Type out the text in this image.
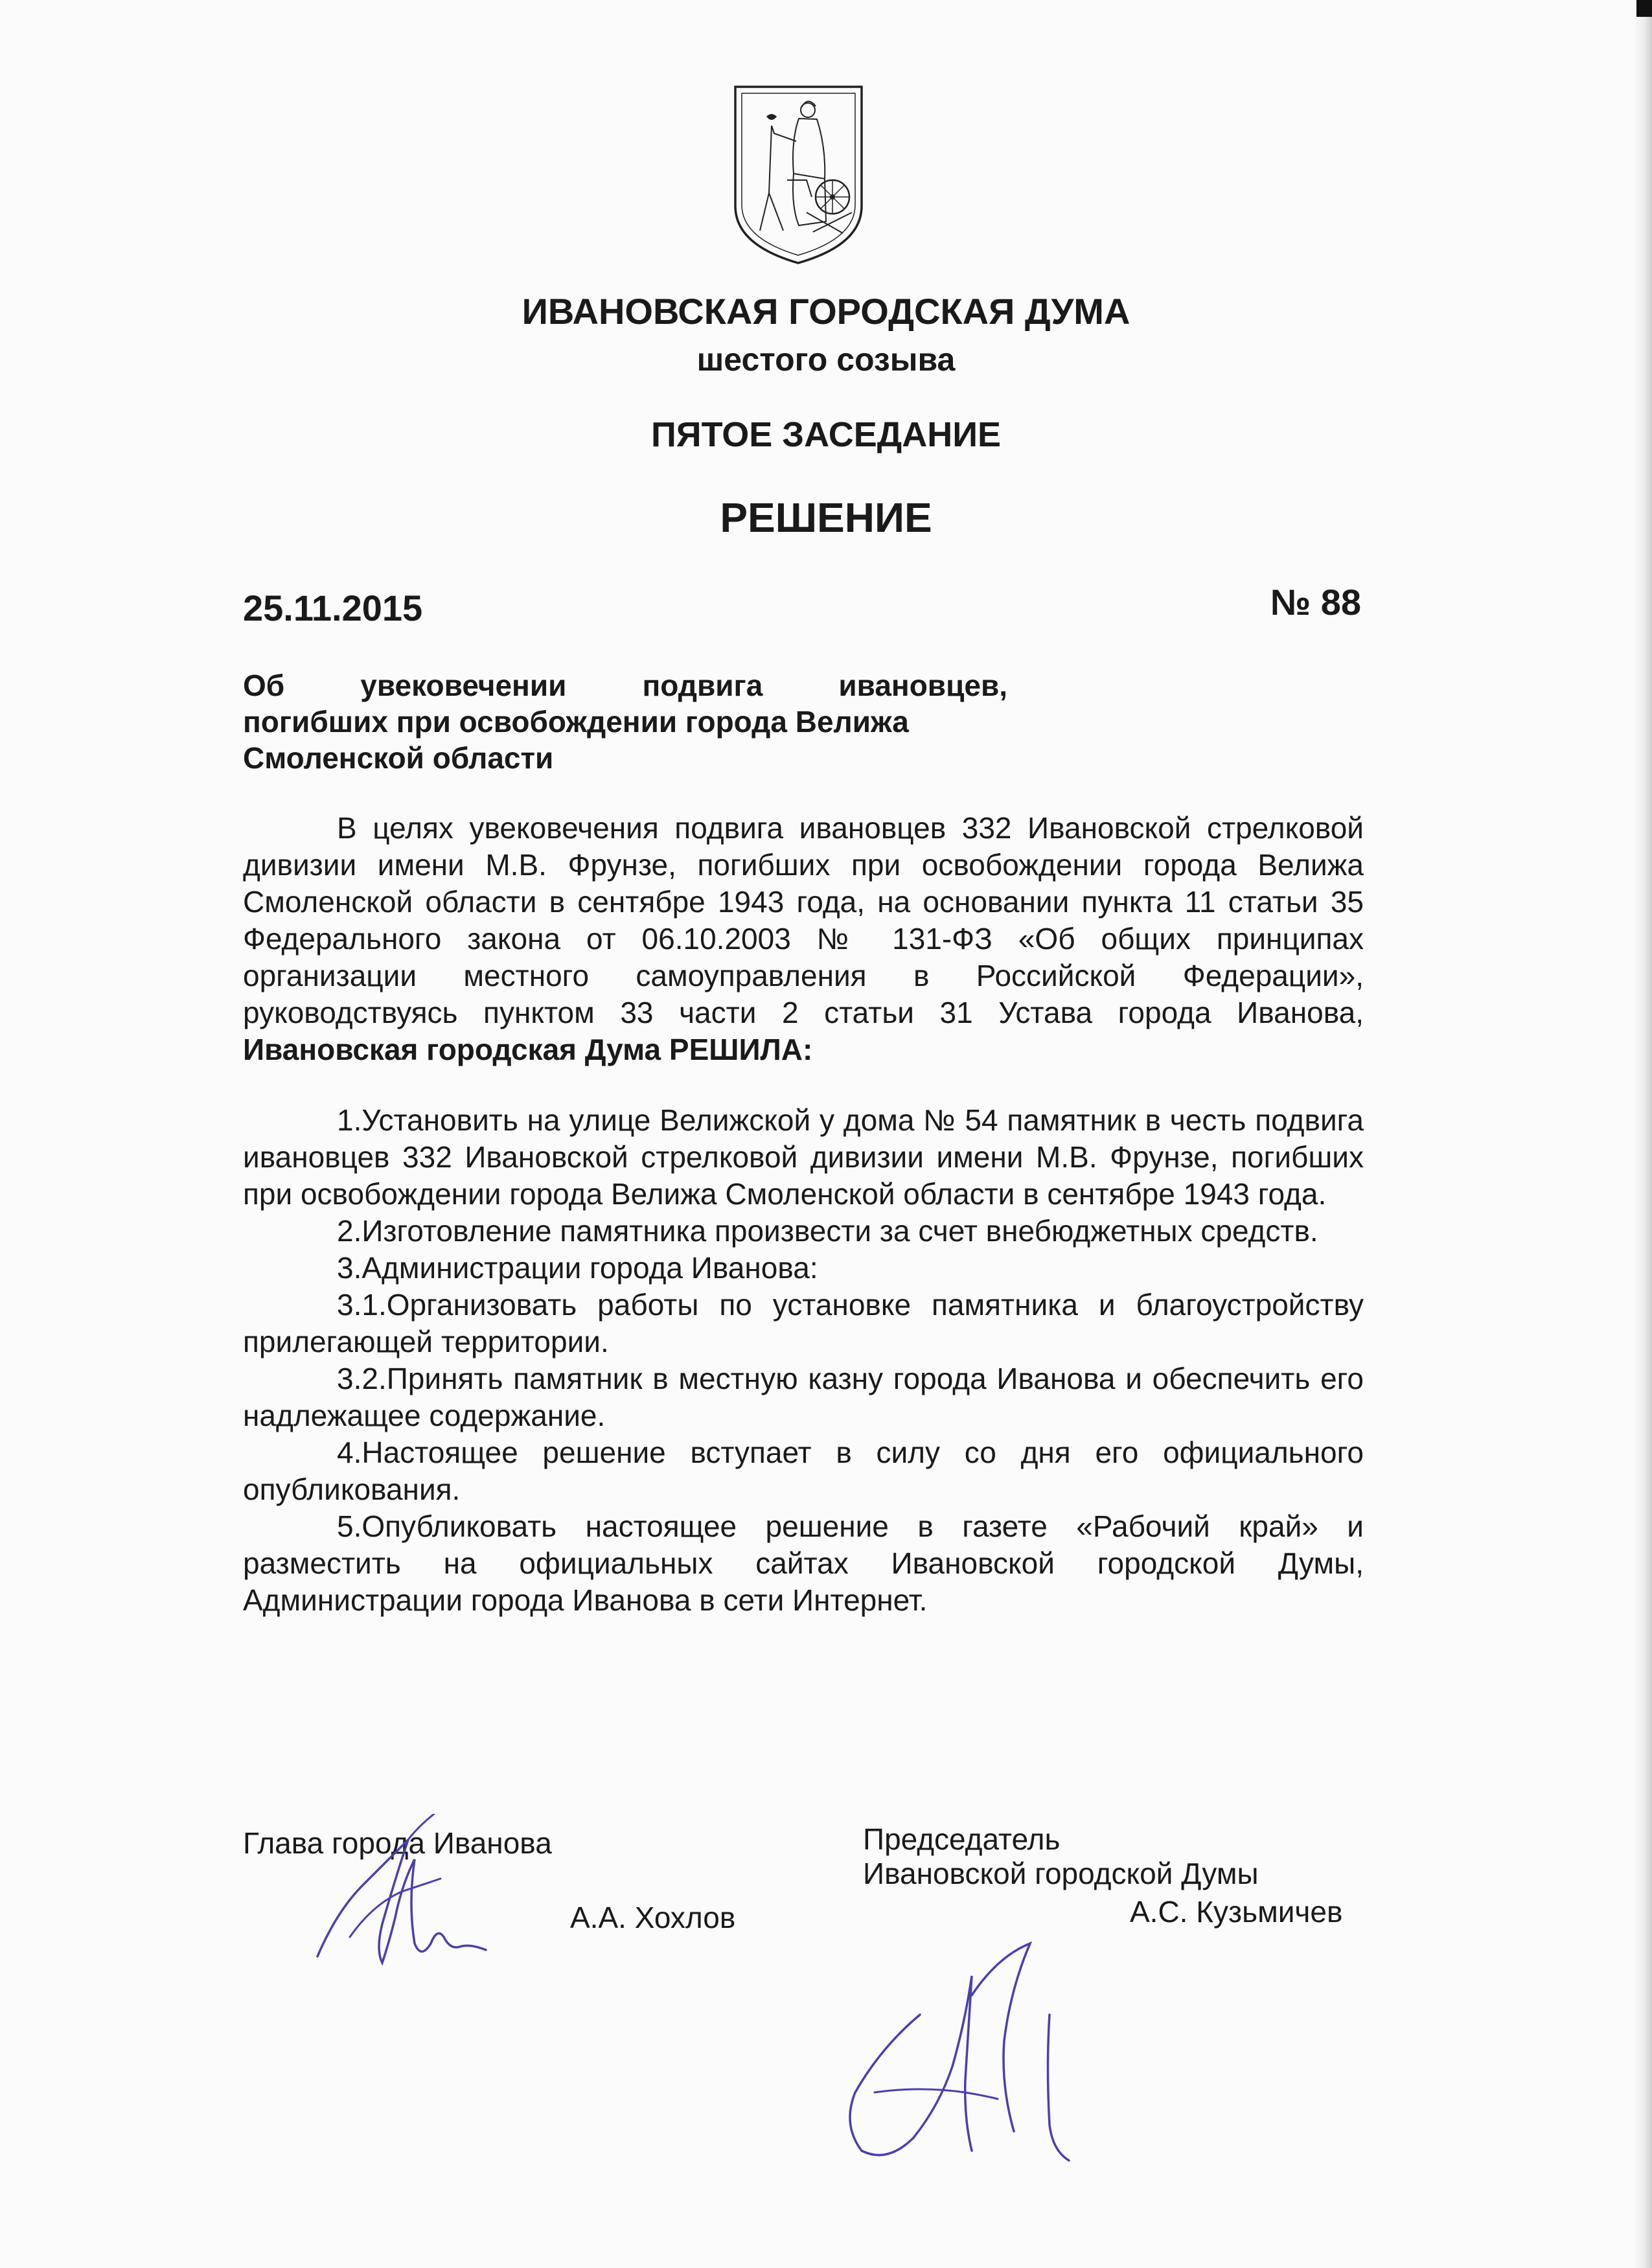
ИВАНОВСКАЯ ГОРОДСКАЯ ДУМА
шестого созыва
ПЯТОЕ ЗАСЕДАНИЕ
РЕШЕНИЕ
25.11.2015	№ 88
Об увековечении подвига ивановцев,
погибших при освобождении города Велижа
Смоленской области

В целях увековечения подвига ивановцев 332 Ивановской стрелковой дивизии имени М.В. Фрунзе, погибших при освобождении города Велижа Смоленской области в сентябре 1943 года, на основании пункта 11 статьи 35 Федерального закона от 06.10.2003 № 131-ФЗ «Об общих принципах организации местного самоуправления в Российской Федерации», руководствуясь пунктом 33 части 2 статьи 31 Устава города Иванова, Ивановская городская Дума РЕШИЛА:

1.Установить на улице Велижской у дома № 54 памятник в честь подвига ивановцев 332 Ивановской стрелковой дивизии имени М.В. Фрунзе, погибших при освобождении города Велижа Смоленской области в сентябре 1943 года.

2.Изготовление памятника произвести за счет внебюджетных средств.

3.Администрации города Иванова:

3.1.Организовать работы по установке памятника и благоустройству прилегающей территории.

3.2.Принять памятник в местную казну города Иванова и обеспечить его надлежащее содержание.

4.Настоящее решение вступает в силу со дня его официального опубликования.

5.Опубликовать настоящее решение в газете «Рабочий край» и разместить на официальных сайтах Ивановской городской Думы, Администрации города Иванова в сети Интернет.

Глава города Иванова
А.А. Хохлов
Председатель
Ивановской городской Думы
А.С. Кузьмичев
